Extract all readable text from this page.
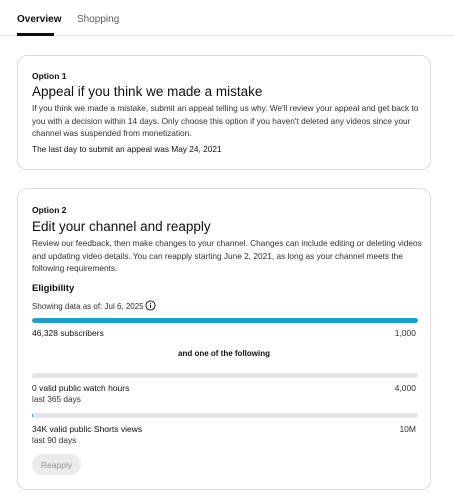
Overview Shopping
Option 1
Appeal if you think we made a mistake
If you think we made a mistake, submit an appeal telling us why. We'll review your appeal and get back to you with a decision within 14 days. Only choose this option if you haven't deleted any videos since your channel was suspended from monetization.
The last day to submit an appeal was May 24, 2021
Option 2
Edit your channel and reapply
Review our feedback, then make changes to your channel. Changes can include editing or deleting videos and updating video details. You can reapply starting June 2, 2021, as long as your channel meets the following requirements.
Eligibility
Showing data as of: Jul 6, 2025
46,328 subscribers	1,000
and one of the following
0 valid public watch hours	4,000
last 365 days
34K valid public Shorts views	10M
last 90 days
Reapply
